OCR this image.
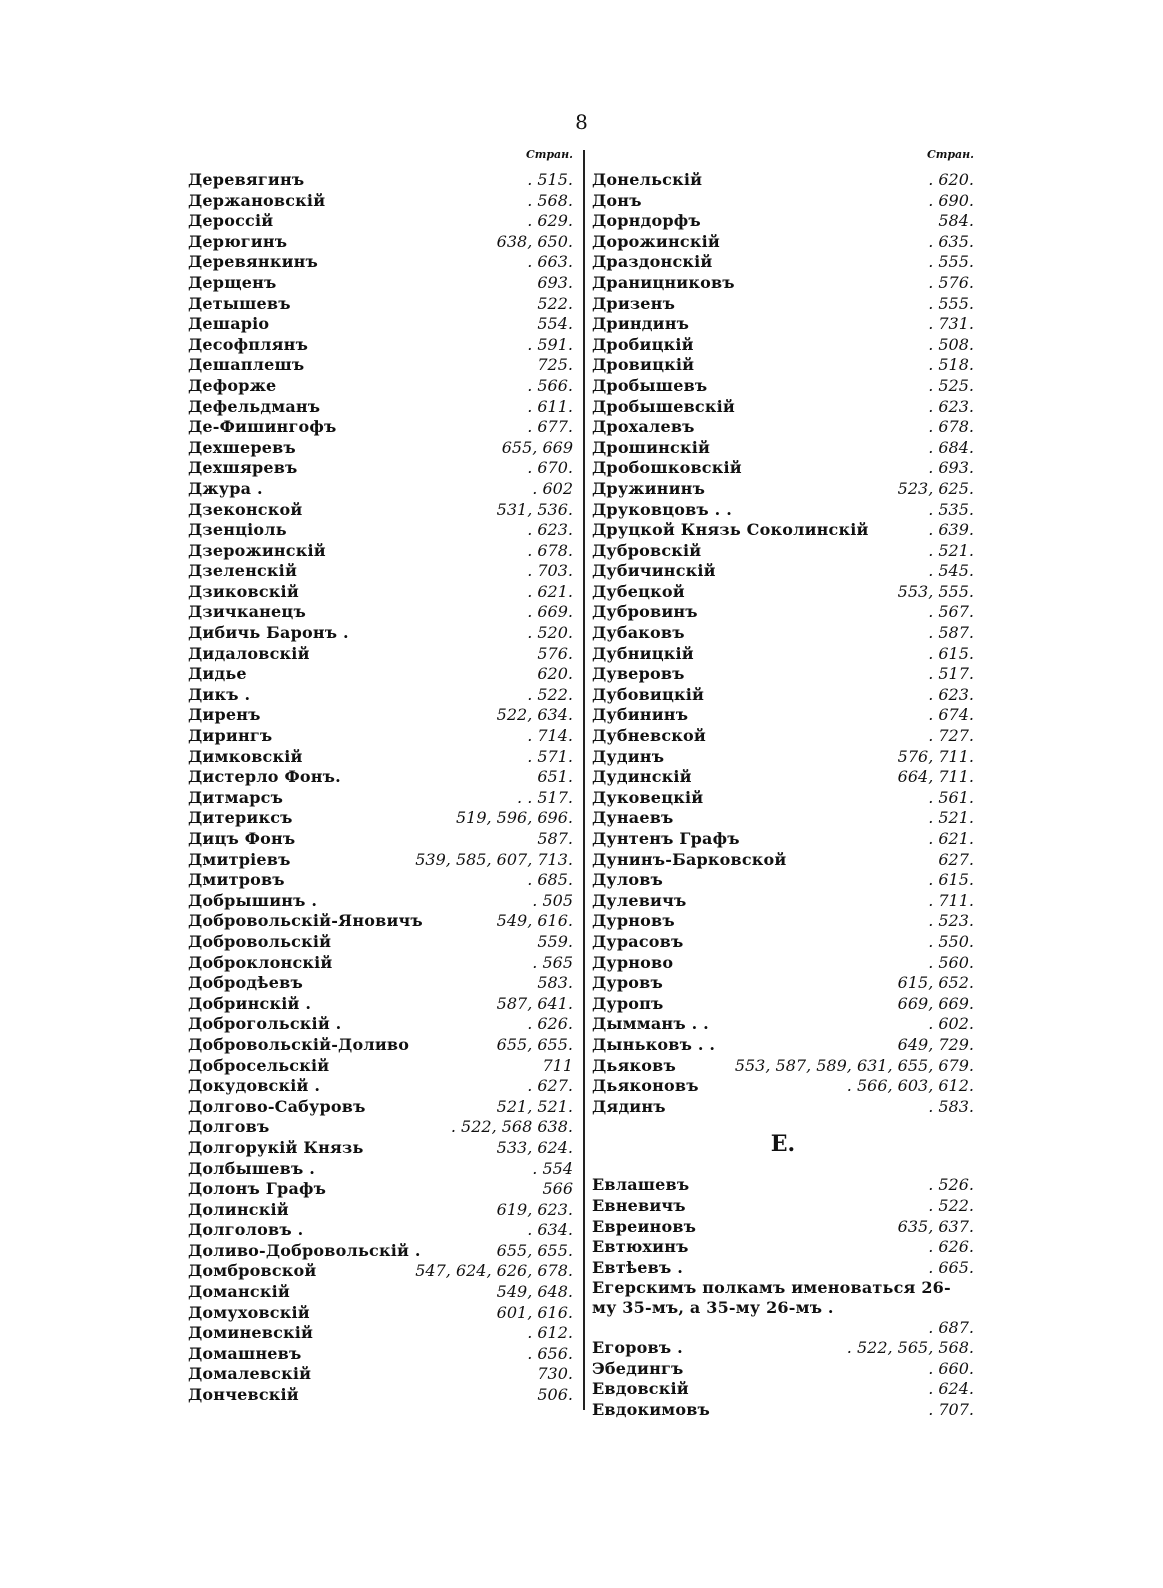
8
Стран.
Деревягинъ	. 515.
Держановскій	. 568.
Дероссій	. 629.
Дерюгинъ	638, 650.
Деревянкинъ	. 663.
Дерщенъ	693.
Детышевъ	522.
Дешаріо	554.
Десофплянъ	. 591.
Дешаплешъ	725.
Дефорже	. 566.
Дефельдманъ	. 611.
Де-Фишингофъ	. 677.
Дехшеревъ	655, 669
Дехшяревъ	. 670.
Джура .	. 602
Дзеконской	531, 536.
Дзенціоль	. 623.
Дзерожинскій	. 678.
Дзеленскій	. 703.
Дзиковскій	. 621.
Дзичканецъ	. 669.
Дибичь Баронъ .	. 520.
Дидаловскій	576.
Дидье	620.
Дикъ .	. 522.
Диренъ	522, 634.
Дирингъ	. 714.
Димковскій	. 571.
Дистерло Фонъ.	651.
Дитмарсъ	. . 517.
Дитериксъ	519, 596, 696.
Дицъ Фонъ	587.
Дмитріевъ	539, 585, 607, 713.
Дмитровъ	. 685.
Добрышинъ .	. 505
Добровольскій-Яновичъ	549, 616.
Добровольскій	559.
Доброклонскій	. 565
Добродѣевъ	583.
Добринскій .	587, 641.
Доброгольскій .	. 626.
Добровольскій-Доливо	655, 655.
Добросельскій	711
Докудовскій .	. 627.
Долгово-Сабуровъ	521, 521.
Долговъ	. 522, 568 638.
Долгорукій Князь	533, 624.
Долбышевъ .	. 554
Долонъ Графъ	566
Долинскій	619, 623.
Долголовъ .	. 634.
Доливо-Добровольскій .	655, 655.
Домбровской	547, 624, 626, 678.
Доманскій	549, 648.
Домуховскій	601, 616.
Доминевскій	. 612.
Домашневъ	. 656.
Домалевскій	730.
Дончевскій	506.
Стран.
Донельскій	. 620.
Донъ	. 690.
Дорндорфъ	584.
Дорожинскій	. 635.
Драздонскій	. 555.
Драницниковъ	. 576.
Дризенъ	. 555.
Дриндинъ	. 731.
Дробицкій	. 508.
Дровицкій	. 518.
Дробышевъ	. 525.
Дробышевскій	. 623.
Дрохалевъ	. 678.
Дрошинскій	. 684.
Дробошковскій	. 693.
Дружининъ	523, 625.
Друковцовъ . .	. 535.
Друцкой Князь Соколинскій	. 639.
Дубровскій	. 521.
Дубичинскій	. 545.
Дубецкой	553, 555.
Дубровинъ	. 567.
Дубаковъ	. 587.
Дубницкій	. 615.
Дуверовъ	. 517.
Дубовицкій	. 623.
Дубининъ	. 674.
Дубневской	. 727.
Дудинъ	576, 711.
Дудинскій	664, 711.
Дуковецкій	. 561.
Дунаевъ	. 521.
Дунтенъ Графъ	. 621.
Дунинъ-Барковской	627.
Дуловъ	. 615.
Дулевичъ	. 711.
Дурновъ	. 523.
Дурасовъ	. 550.
Дурново	. 560.
Дуровъ	615, 652.
Дуропъ	669, 669.
Дымманъ . .	. 602.
Дыньковъ . .	649, 729.
Дьяковъ	553, 587, 589, 631, 655, 679.
Дьяконовъ	. 566, 603, 612.
Дядинъ	. 583.
Е.
Евлашевъ	. 526.
Евневичъ	. 522.
Евреиновъ	635, 637.
Евтюхинъ	. 626.
Евтѣевъ .	. 665.
Егерскимъ полкамъ именоваться 26-му 35-мъ, а 35-му 26-мъ .
. 687.
Егоровъ .	. 522, 565, 568.
Эбедингъ	. 660.
Евдовскій	. 624.
Евдокимовъ	. 707.
